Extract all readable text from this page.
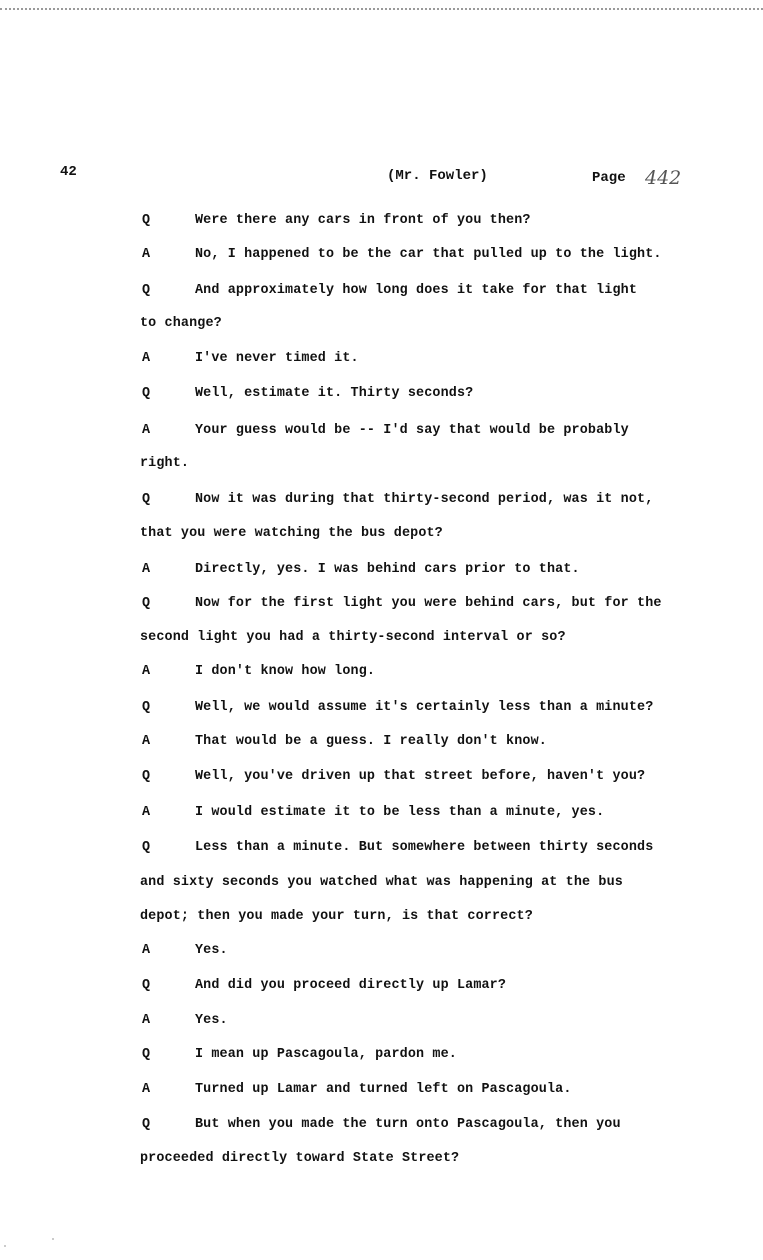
42	(Mr. Fowler)	Page 442
Q	Were there any cars in front of you then?
A	No, I happened to be the car that pulled up to the light.
Q	And approximately how long does it take for that light
to change?
A	I've never timed it.
Q	Well, estimate it. Thirty seconds?
A	Your guess would be -- I'd say that would be probably
right.
Q	Now it was during that thirty-second period, was it not,
that you were watching the bus depot?
A	Directly, yes. I was behind cars prior to that.
Q	Now for the first light you were behind cars, but for the
second light you had a thirty-second interval or so?
A	I don't know how long.
Q	Well, we would assume it's certainly less than a minute?
A	That would be a guess. I really don't know.
Q	Well, you've driven up that street before, haven't you?
A	I would estimate it to be less than a minute, yes.
Q	Less than a minute. But somewhere between thirty seconds
and sixty seconds you watched what was happening at the bus
depot; then you made your turn, is that correct?
A	Yes.
Q	And did you proceed directly up Lamar?
A	Yes.
Q	I mean up Pascagoula, pardon me.
A	Turned up Lamar and turned left on Pascagoula.
Q	But when you made the turn onto Pascagoula, then you
proceeded directly toward State Street?
